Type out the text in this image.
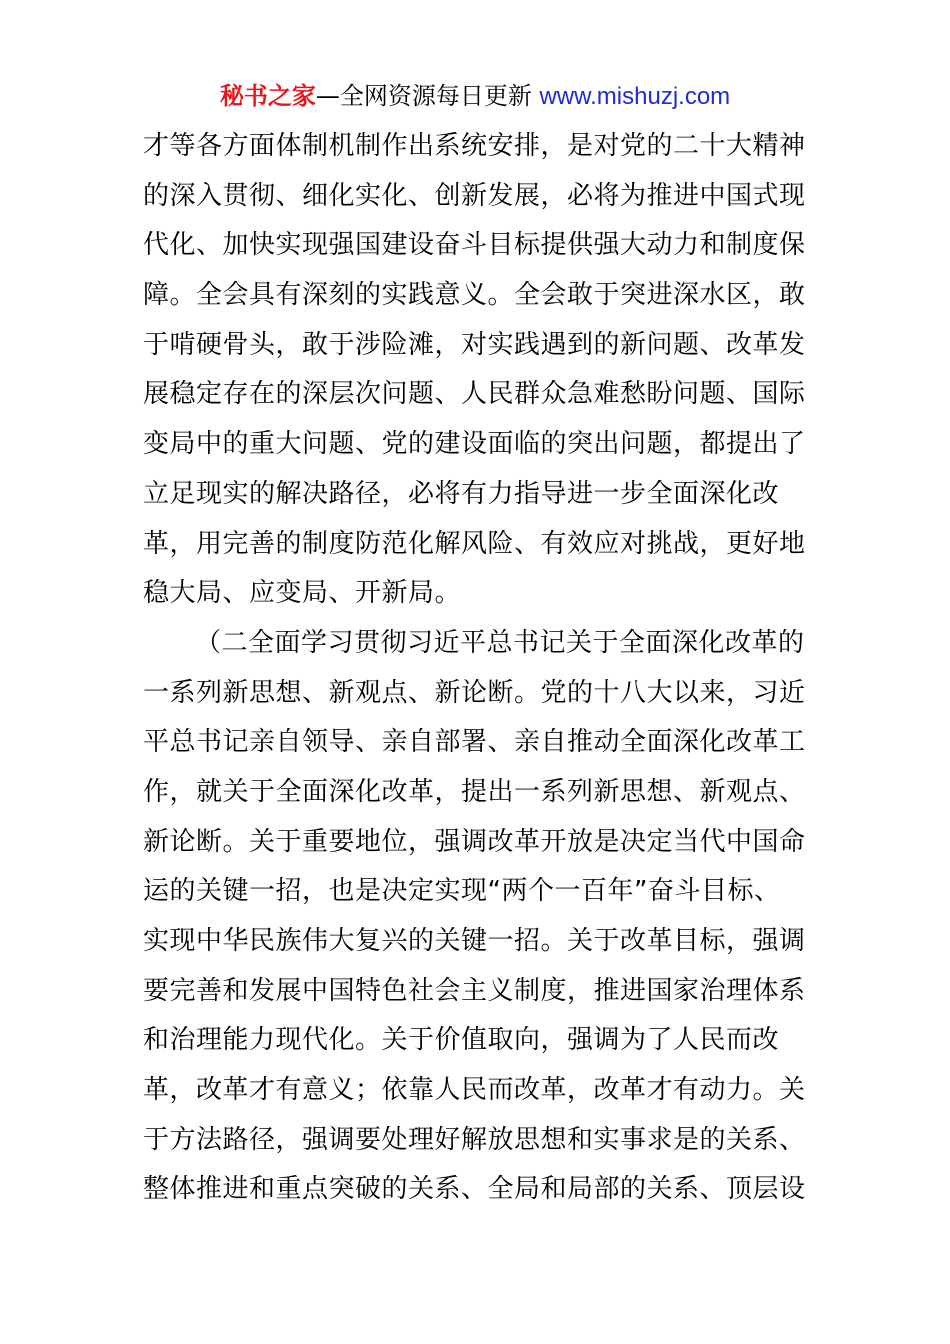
秘书之家—全网资源每日更新 www.mishuzj.com
才等各方面体制机制作出系统安排，是对党的二十大精神
的深入贯彻、细化实化、创新发展，必将为推进中国式现
代化、加快实现强国建设奋斗目标提供强大动力和制度保
障。全会具有深刻的实践意义。全会敢于突进深水区，敢
于啃硬骨头，敢于涉险滩，对实践遇到的新问题、改革发
展稳定存在的深层次问题、人民群众急难愁盼问题、国际
变局中的重大问题、党的建设面临的突出问题，都提出了
立足现实的解决路径，必将有力指导进一步全面深化改
革，用完善的制度防范化解风险、有效应对挑战，更好地
稳大局、应变局、开新局。
（二全面学习贯彻习近平总书记关于全面深化改革的
一系列新思想、新观点、新论断。党的十八大以来，习近
平总书记亲自领导、亲自部署、亲自推动全面深化改革工
作，就关于全面深化改革，提出一系列新思想、新观点、
新论断。关于重要地位，强调改革开放是决定当代中国命
运的关键一招，也是决定实现“两个一百年”奋斗目标、
实现中华民族伟大复兴的关键一招。关于改革目标，强调
要完善和发展中国特色社会主义制度，推进国家治理体系
和治理能力现代化。关于价值取向，强调为了人民而改
革，改革才有意义；依靠人民而改革，改革才有动力。关
于方法路径，强调要处理好解放思想和实事求是的关系、
整体推进和重点突破的关系、全局和局部的关系、顶层设
